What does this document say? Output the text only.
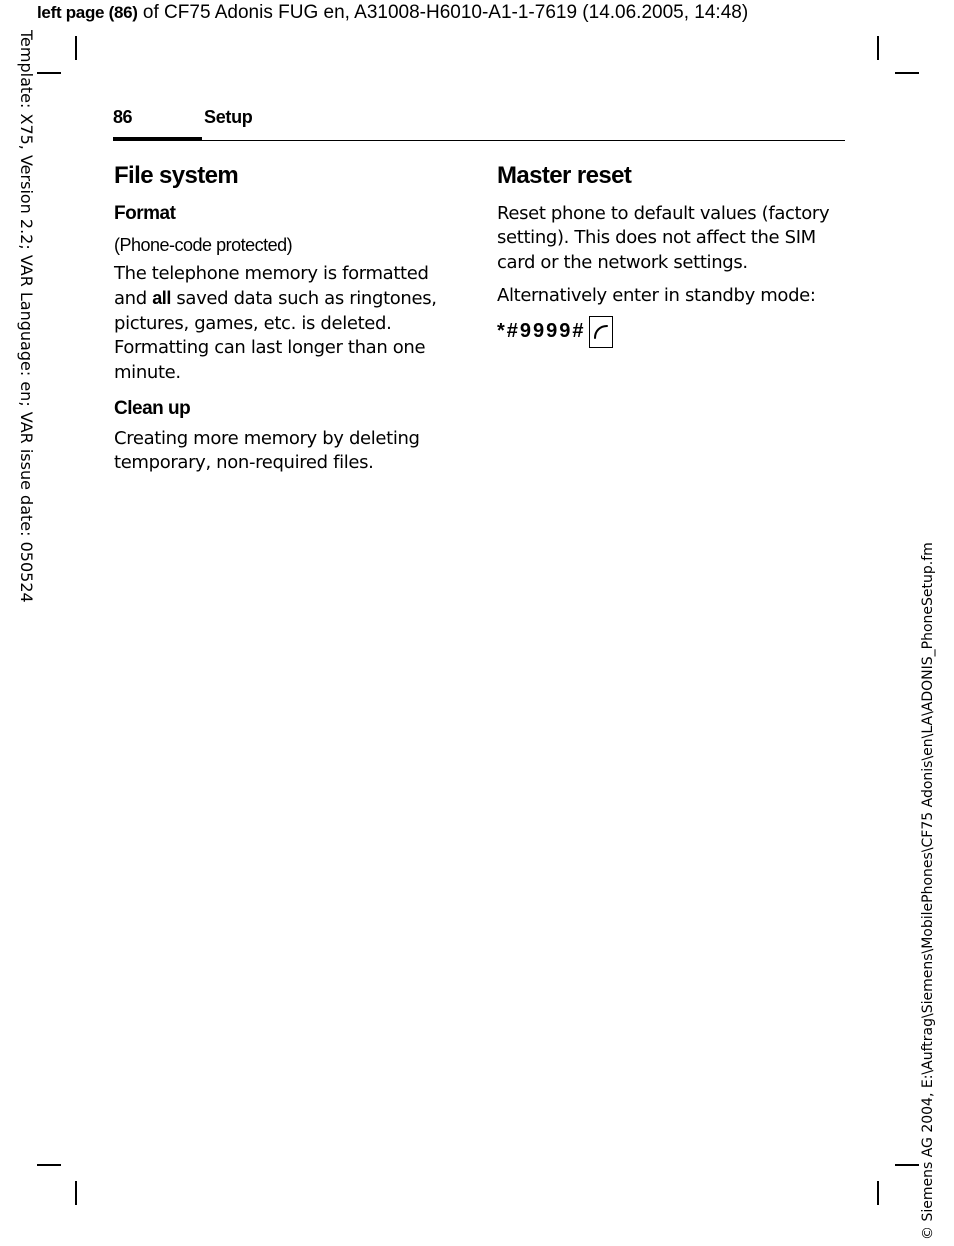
left page (86) of CF75 Adonis FUG en, A31008-H6010-A1-1-7619 (14.06.2005, 14:48)
Template: X75, Version 2.2; VAR Language: en; VAR issue date: 050524
© Siemens AG 2004, E:\Auftrag\Siemens\MobilePhones\CF75 Adonis\en\LA\ADONIS_PhoneSetup.fm
86	Setup
File system
Format
(Phone-code protected)

The telephone memory is formatted and all saved data such as ringtones, pictures, games, etc. is deleted. Formatting can last longer than one minute.

Clean up

Creating more memory by deleting temporary, non-required files.

Master reset

Reset phone to default values (factory setting). This does not affect the SIM card or the network settings.

Alternatively enter in standby mode:

*#9999#
